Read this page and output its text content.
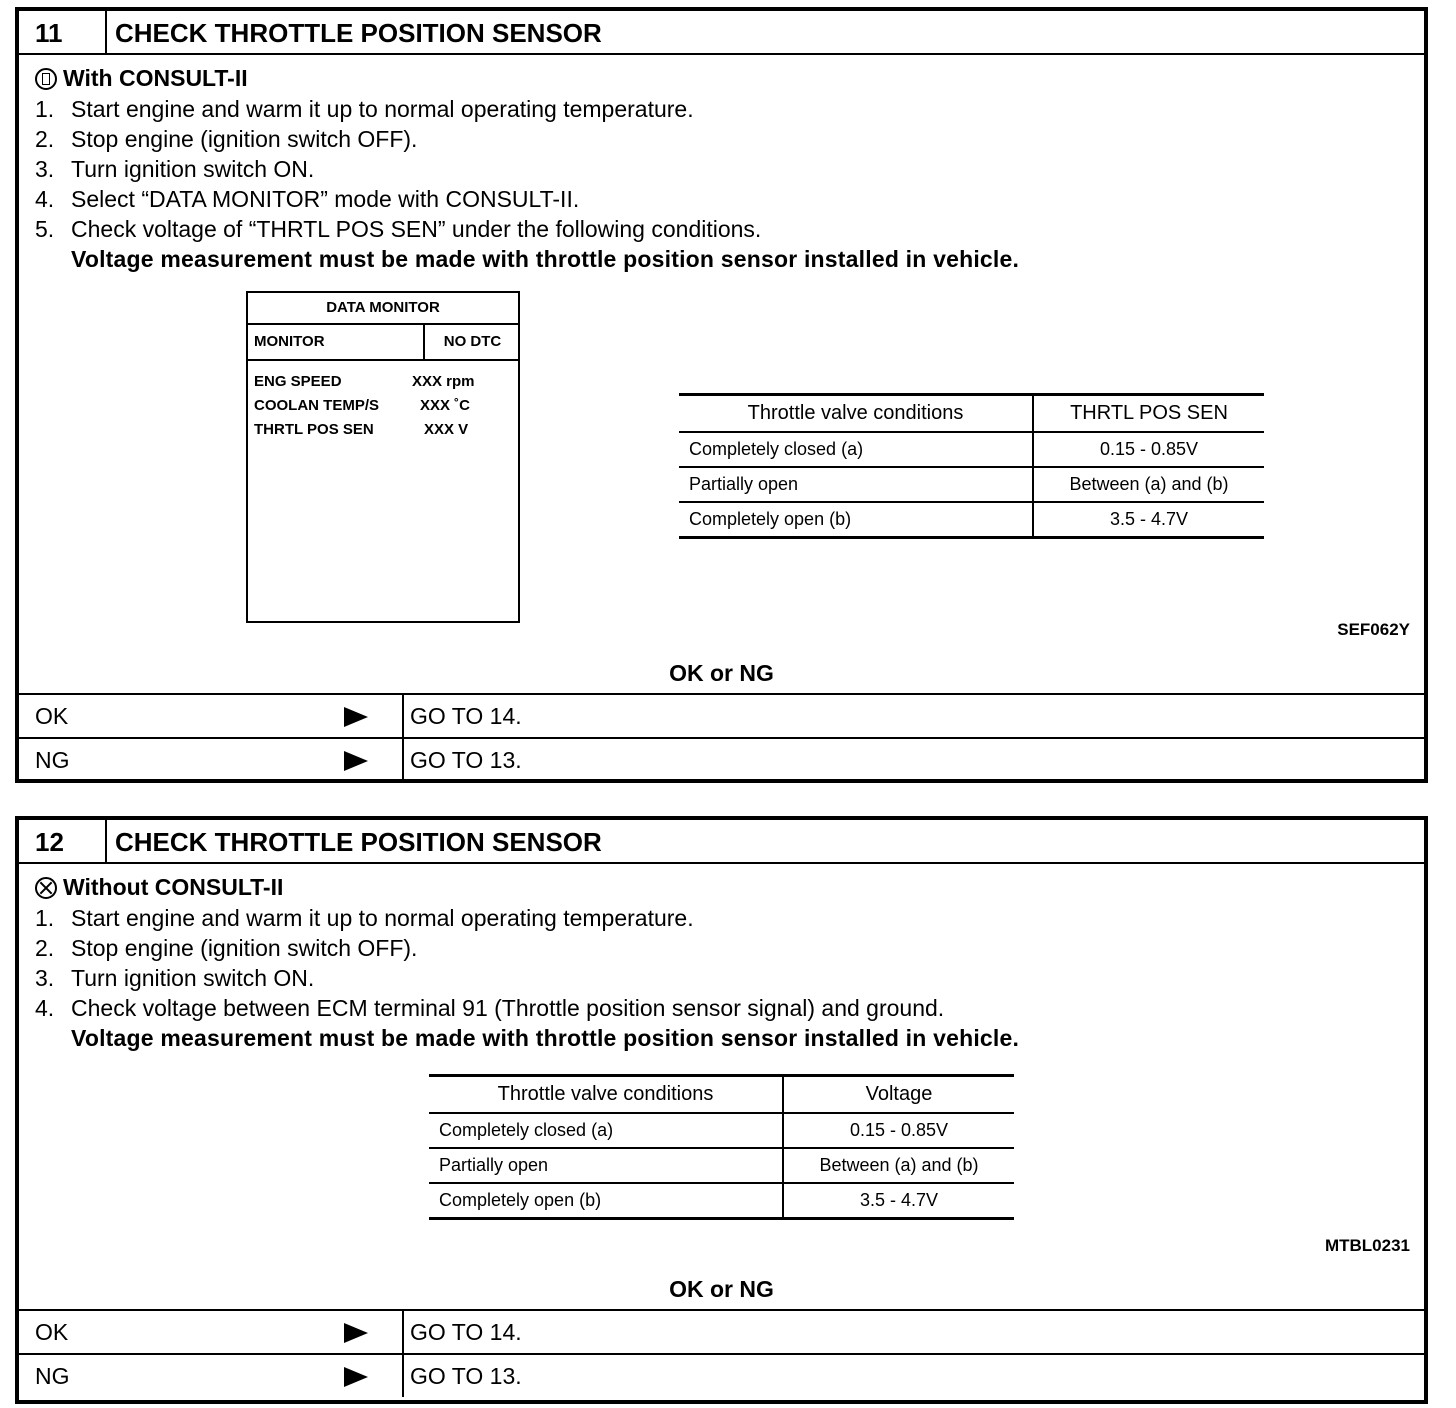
11	CHECK THROTTLE POSITION SENSOR
With CONSULT-II
1. Start engine and warm it up to normal operating temperature.
2. Stop engine (ignition switch OFF).
3. Turn ignition switch ON.
4. Select “DATA MONITOR” mode with CONSULT-II.
5. Check voltage of “THRTL POS SEN” under the following conditions.
Voltage measurement must be made with throttle position sensor installed in vehicle.
DATA MONITOR
MONITOR	NO DTC
ENG SPEED	XXX rpm
COOLAN TEMP/S	XXX ˚C
THRTL POS SEN	XXX V
Throttle valve conditions	THRTL POS SEN
Completely closed (a)	0.15 - 0.85V
Partially open	Between (a) and (b)
Completely open (b)	3.5 - 4.7V
SEF062Y
OK or NG
OK	GO TO 14.
NG	GO TO 13.
12	CHECK THROTTLE POSITION SENSOR
Without CONSULT-II
1. Start engine and warm it up to normal operating temperature.
2. Stop engine (ignition switch OFF).
3. Turn ignition switch ON.
4. Check voltage between ECM terminal 91 (Throttle position sensor signal) and ground.
Voltage measurement must be made with throttle position sensor installed in vehicle.
Throttle valve conditions	Voltage
Completely closed (a)	0.15 - 0.85V
Partially open	Between (a) and (b)
Completely open (b)	3.5 - 4.7V
MTBL0231
OK or NG
OK	GO TO 14.
NG	GO TO 13.
